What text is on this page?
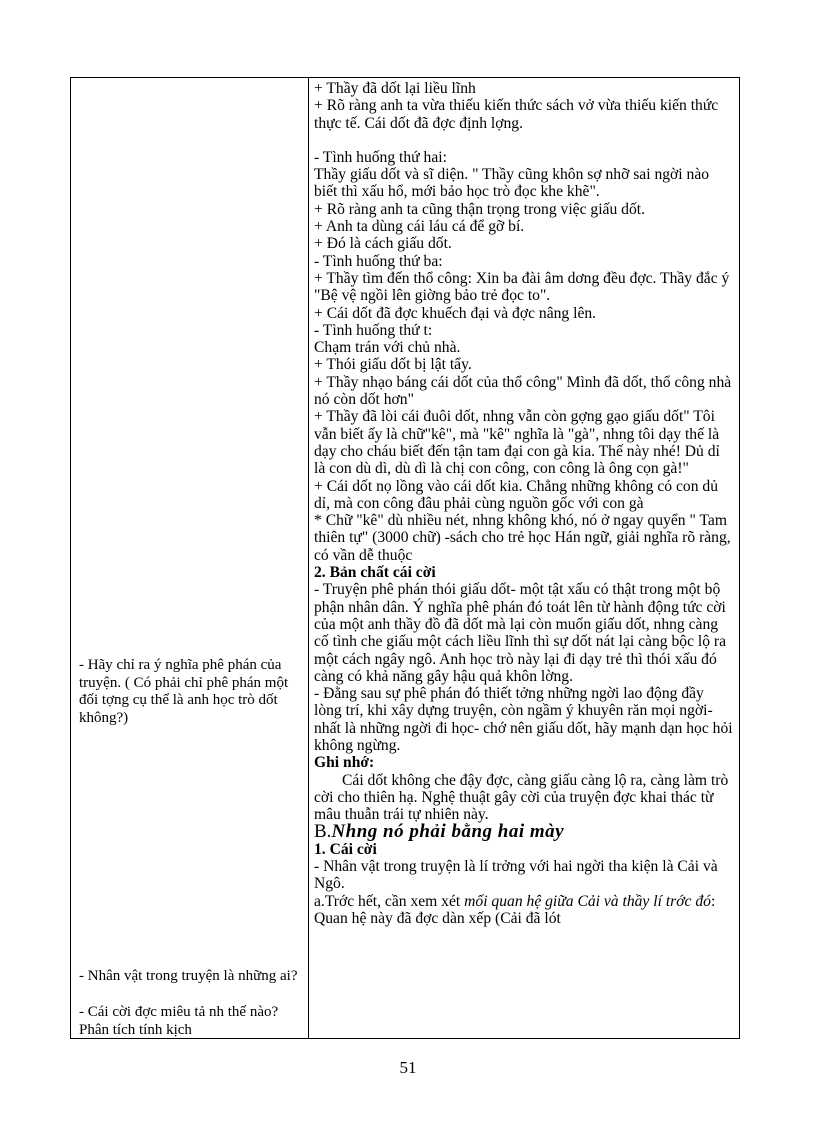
- Hãy chỉ ra ý nghĩa phê phán của truyện. ( Có phải chỉ phê phán một đối tợng cụ thể là anh học trò dốt không?)
- Nhân vật trong truyện là những ai?
- Cái cời đợc miêu tả nh thế nào? Phân tích tính kịch

+ Thầy đã dốt lại liều lĩnh

+ Rõ ràng anh ta vừa thiếu kiến thức sách vở vừa thiếu kiến thức thực tế. Cái dốt đã đợc định lợng.

- Tình huống thứ hai:

Thầy giấu dốt và sĩ diện. " Thầy cũng khôn sợ nhỡ sai ngời nào biết thì xấu hổ, mới bảo học trò đọc khe khẽ".

+ Rõ ràng anh ta cũng thận trọng trong việc giấu dốt.

+ Anh ta dùng cái láu cá để gỡ bí.

+ Đó là cách giấu dốt.

- Tình huống thứ ba:

+ Thầy tìm đến thổ công: Xin ba đài âm dơng đều đợc. Thầy đắc ý "Bệ vệ ngồi lên giờng bảo trẻ đọc to".

+ Cái dốt đã đợc khuếch đại và đợc nâng lên.

- Tình huống thứ t:

Chạm trán với chủ nhà.

+ Thói giấu dốt bị lật tẩy.

+ Thầy nhạo báng cái dốt của thổ công" Mình đã dốt, thổ công nhà nó còn dốt hơn"

+ Thầy đã lòi cái đuôi dốt, nhng vẫn còn gợng gạo giấu dốt" Tôi vẫn biết ấy là chữ"kê", mà "kê" nghĩa là "gà", nhng tôi dạy thế là dạy cho cháu biết đến tận tam đại con gà kia. Thế này nhé! Dủ dỉ là con dù dì, dù dì là chị con công, con công là ông cọn gà!"

+ Cái dốt nọ lồng vào cái dốt kia. Chẳng những không có con dủ dỉ, mà con công đâu phải cùng nguồn gốc với con gà

* Chữ "kê" dù nhiều nét, nhng không khó, nó ở ngay quyển " Tam thiên tự" (3000 chữ) -sách cho trẻ học Hán ngữ, giải nghĩa rõ ràng, có vần dễ thuộc

2. Bản chất cái cời

- Truyện phê phán thói giấu dốt- một tật xấu có thật trong một bộ phận nhân dân. Ý nghĩa phê phán đó toát lên từ hành động tức cời của một anh thầy đồ đã dốt mà lại còn muốn giấu dốt, nhng càng cố tình che giấu một cách liều lĩnh thì sự dốt nát lại càng bộc lộ ra một cách ngây ngô. Anh học trò này lại đi dạy trẻ thì thói xấu đó càng có khả năng gây hậu quả khôn lờng.

- Đằng sau sự phê phán đó thiết tởng những ngời lao động đầy lòng trí, khi xây dựng truyện, còn ngầm ý khuyên răn mọi ngời- nhất là những ngời đi học- chớ nên giấu dốt, hãy mạnh dạn học hỏi không ngừng.

Ghi nhớ:

Cái dốt không che đậy đợc, càng giấu càng lộ ra, càng làm trò cời cho thiên hạ. Nghệ thuật gây cời của truyện đợc khai thác từ mâu thuẫn trái tự nhiên này.

B.Nhng nó phải bằng hai mày

1. Cái cời

- Nhân vật trong truyện là lí trởng với hai ngời tha kiện là Cải và Ngô.

a.Trớc hết, cần xem xét mối quan hệ giữa Cải và thầy lí trớc đó: Quan hệ này đã đợc dàn xếp (Cải đã lót

51
